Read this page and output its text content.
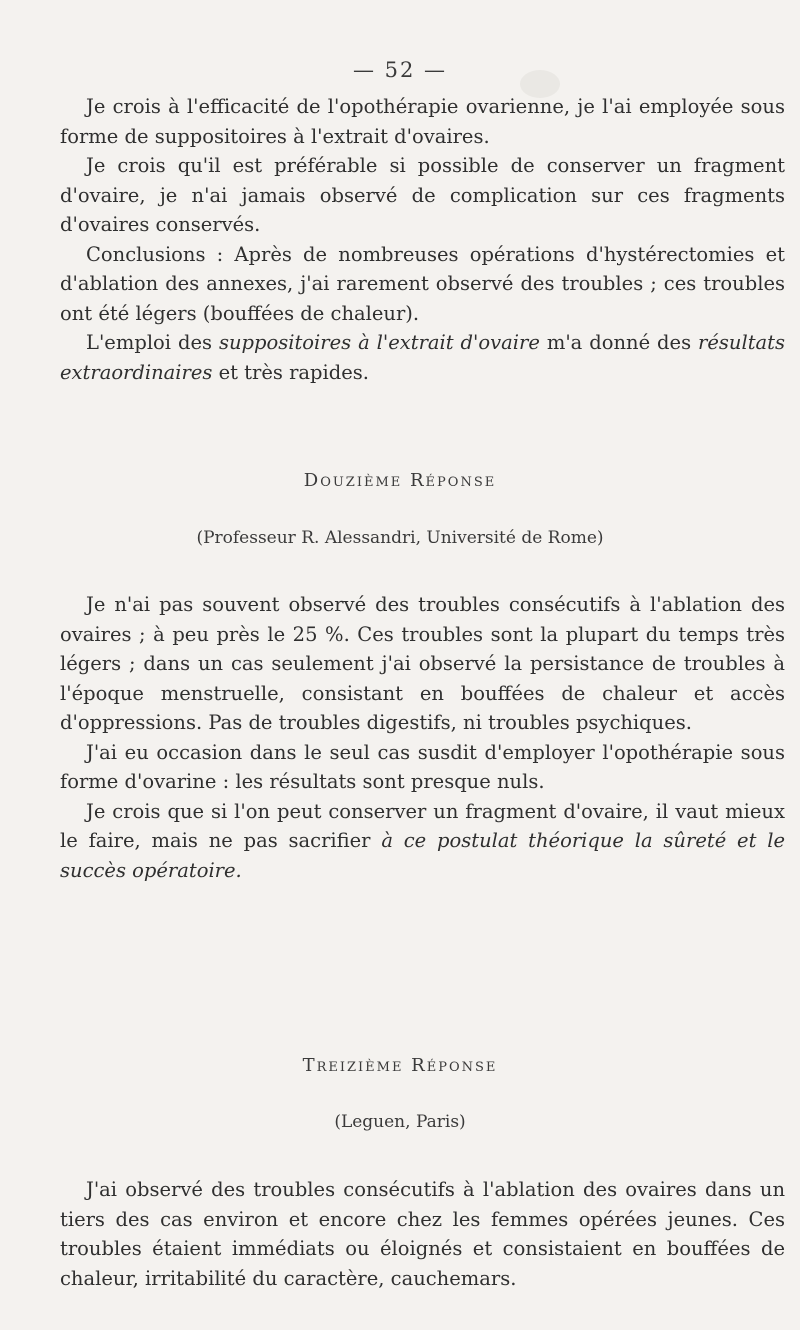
— 52 —

Je crois à l'efficacité de l'opothérapie ovarienne, je l'ai employée sous forme de suppositoires à l'extrait d'ovaires.

Je crois qu'il est préférable si possible de conserver un fragment d'ovaire, je n'ai jamais observé de complication sur ces fragments d'ovaires conservés.

Conclusions : Après de nombreuses opérations d'hystérectomies et d'ablation des annexes, j'ai rarement observé des troubles ; ces troubles ont été légers (bouffées de chaleur).

L'emploi des suppositoires à l'extrait d'ovaire m'a donné des résultats extraordinaires et très rapides.

Douzième Réponse
(Professeur R. Alessandri, Université de Rome)

Je n'ai pas souvent observé des troubles consécutifs à l'ablation des ovaires ; à peu près le 25 %. Ces troubles sont la plupart du temps très légers ; dans un cas seulement j'ai observé la persistance de troubles à l'époque menstruelle, consistant en bouffées de chaleur et accès d'oppressions. Pas de troubles digestifs, ni troubles psychiques.

J'ai eu occasion dans le seul cas susdit d'employer l'opothérapie sous forme d'ovarine : les résultats sont presque nuls.

Je crois que si l'on peut conserver un fragment d'ovaire, il vaut mieux le faire, mais ne pas sacrifier à ce postulat théorique la sûreté et le succès opératoire.

Treizième Réponse
(Leguen, Paris)

J'ai observé des troubles consécutifs à l'ablation des ovaires dans un tiers des cas environ et encore chez les femmes opérées jeunes. Ces troubles étaient immédiats ou éloignés et consistaient en bouffées de chaleur, irritabilité du caractère, cauchemars.
